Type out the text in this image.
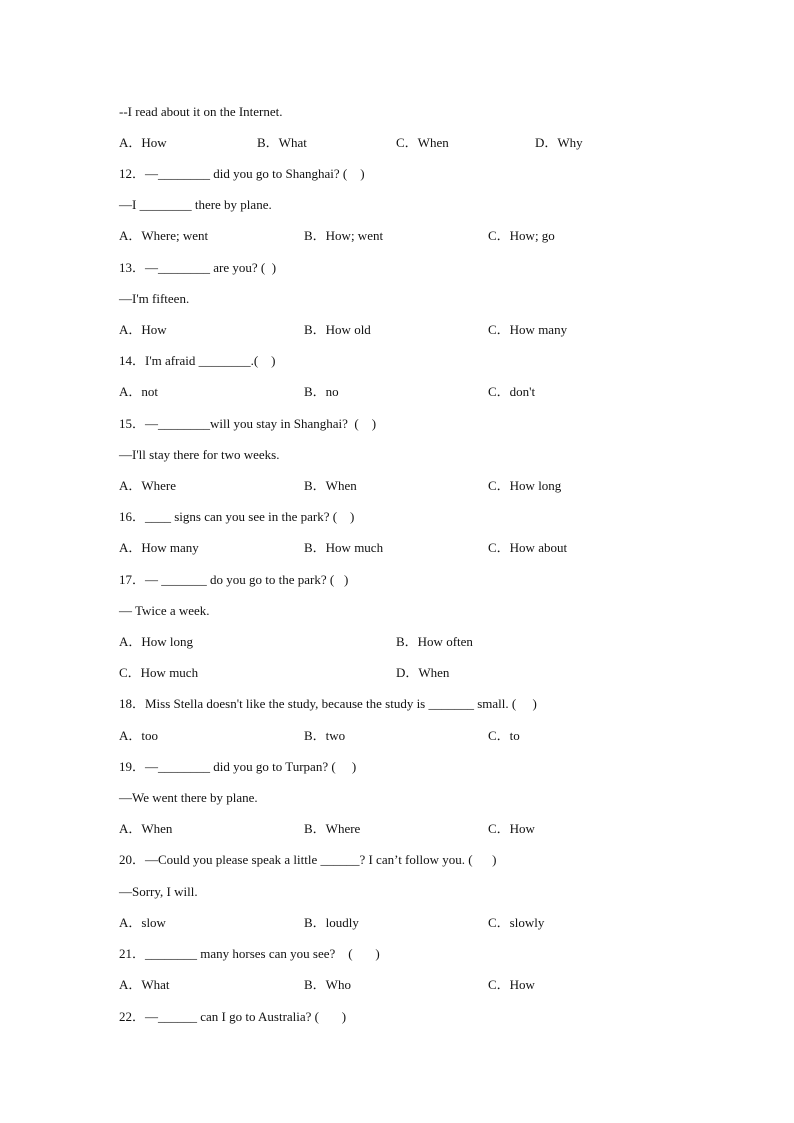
--I read about it on the Internet.
A．How	B．What	C．When	D．Why
12．—________ did you go to Shanghai? (    )
—I ________ there by plane.
A．Where; went	B．How; went	C．How; go
13．—________ are you? (  )
—I'm fifteen.
A．How	B．How old	C．How many
14．I'm afraid ________.(    )
A．not	B．no	C．don't
15．—________will you stay in Shanghai?  (    )
—I'll stay there for two weeks.
A．Where	B．When	C．How long
16．____ signs can you see in the park? (    )
A．How many	B．How much	C．How about
17．— _______ do you go to the park? (   )
— Twice a week.
A．How long	B．How often
C．How much	D．When
18．Miss Stella doesn't like the study, because the study is _______ small. (     )
A．too	B．two	C．to
19．—________ did you go to Turpan? (     )
—We went there by plane.
A．When	B．Where	C．How
20．—Could you please speak a little ______? I can’t follow you. (      )
—Sorry, I will.
A．slow	B．loudly	C．slowly
21．________ many horses can you see?    (       )
A．What	B．Who	C．How
22．—______ can I go to Australia? (       )
